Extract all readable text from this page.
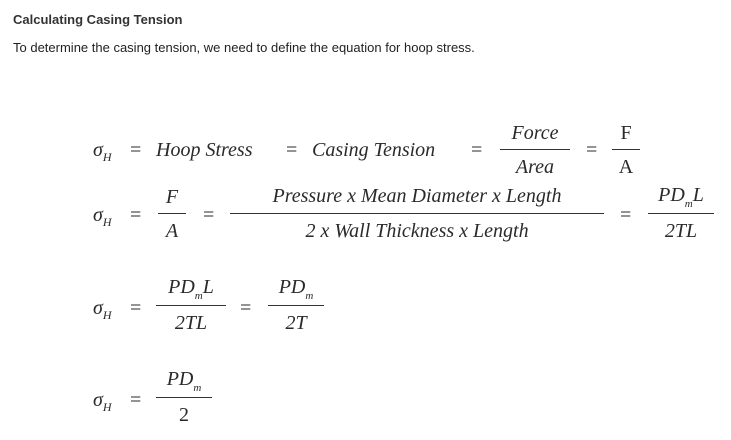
Calculating Casing Tension
To determine the casing tension, we need to define the equation for hoop stress.
$\sigma_H$ = Hoop Stress = Casing Tension =
Force
Area
=
F
A
$\sigma_H$ =
F
A
=
Pressure x Mean Diameter x Length
2 x Wall Thickness x Length
=
$PD_mL$
2TL
$\sigma_H$ =
$PD_mL$
2TL
=
$PD_m$
2T
$\sigma_H$ =
$PD_m$
2
